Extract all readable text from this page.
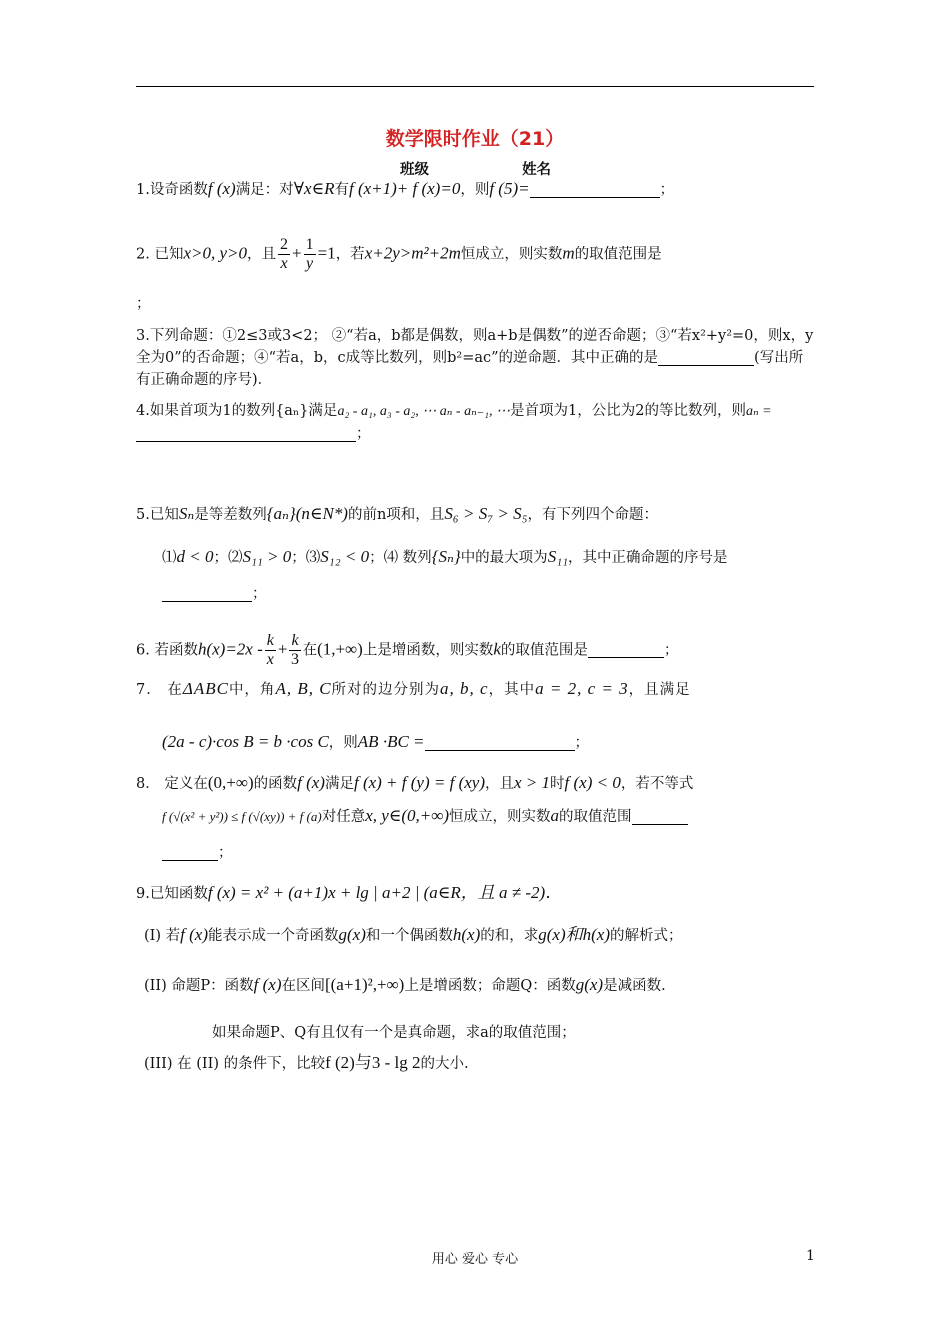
数学限时作业（21）
班级	姓名
1.设奇函数f (x)满足：对∀x∈R有f (x+1)+ f (x)=0，则f (5)=	；
2. 已知x>0, y>0，且 $\frac{2}{x} + \frac{1}{y} =1$，若x+2y>m²+2m恒成立，则实数m的取值范围是
；
3.下列命题：①2≤3或3<2； ②“若a，b都是偶数，则a+b是偶数”的逆否命题；③“若x²+y²=0，则x，y全为0”的否命题；④“若a，b，c成等比数列，则b²=ac”的逆命题．其中正确的是	(写出所有正确命题的序号)．
4.如果首项为1的数列{aₙ}满足a₂ - a₁, a₃ - a₂, ⋯ aₙ - aₙ₋₁, ⋯是首项为1，公比为2的等比数列，则aₙ =；
5.已知Sₙ是等差数列{aₙ}(n∈N*)的前n项和，且S₆ > S₇ > S₅，有下列四个命题：
⑴d < 0；⑵S₁₁ > 0；⑶S₁₂ < 0；⑷ 数列{Sₙ}中的最大项为S₁₁，其中正确命题的序号是
；
6. 若函数$h(x)=2x - \frac{k}{x} + \frac{k}{3}$ 在(1,+∞)上是增函数，则实数k的取值范围是	；
7． 在ΔABC中，角A, B, C所对的边分别为a, b, c，其中a = 2, c = 3，且满足
(2a - c)·cos B = b ·cos C，则AB ·BC =	；
8． 定义在(0,+∞)的函数f (x)满足f (x) + f (y) = f (xy)，且x > 1时f (x) < 0，若不等式
f (√(x² + y²)) ≤ f (√(xy)) + f (a)对任意x, y∈(0,+∞)恒成立，则实数a的取值范围
；
9.已知函数f (x) = x² + (a+1)x + lg | a+2 | (a∈R，且 a ≠ -2)．
(I) 若f (x)能表示成一个奇函数g(x)和一个偶函数h(x)的和，求g(x)和h(x)的解析式；
(II) 命题P：函数f (x)在区间[(a+1)²,+∞)上是增函数；命题Q：函数g(x)是减函数.
如果命题P、Q有且仅有一个是真命题，求a的取值范围；
(III) 在 (II) 的条件下，比较f (2)与3 - lg 2的大小.
用心 爱心 专心	1
